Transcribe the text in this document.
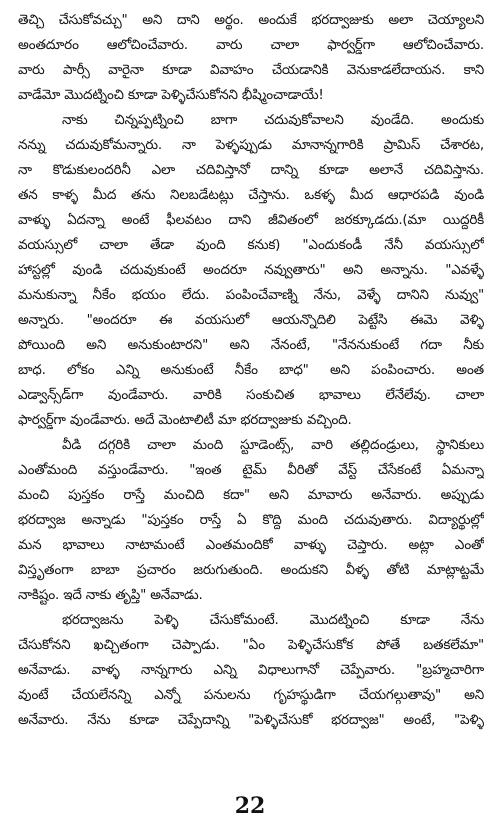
తెచ్చి చేసుకోవచ్చు" అని దాని అర్థం. అందుకే భరద్వాజుకు అలా చెయ్యాలని
అంతదూరం ఆలోచించేవారు. వారు చాలా ఫార్వర్డ్‌గా ఆలోచించేవారు.
వారు పార్సీ వారైనా కూడా వివాహం చేయడానికి వెనుకాడలేదాయన. కాని
వాడేమో మొదట్నించి కూడా పెళ్ళిచేసుకోనని భీష్మించాడాయే!
నాకు చిన్నప్పట్నించి బాగా చదువుకోవాలని వుండేది. అందుకు
నన్ను చదువుకోమన్నారు. నా పెళ్ళప్పుడు మానాన్నగారికి ప్రామిస్ చేశారట,
నా కొడుకులందరినీ ఎలా చదివిస్తానో దాన్ని కూడా అలానే చదివిస్తాను.
తన కాళ్ళ మీద తను నిలబడేటట్లు చేస్తాను. ఒకళ్ళ మీద ఆధారపడి వుండి
వాళ్ళు ఏదన్నా అంటే ఫీలవటం దాని జీవితంలో జరక్కూడదు.(మా యిద్దరికీ
వయస్సులో చాలా తేడా వుంది కనుక) "ఎందుకండీ నేనీ వయస్సులో
హాస్టల్లో వుండి చదువుకుంటే అందరూ నవ్వుతారు" అని అన్నాను. "ఎవళ్ళే
మనుకున్నా నీకేం భయం లేదు. పంపించేవాణ్ని నేను, వెళ్ళే దానిని నువ్వు"
అన్నారు. "అందరూ ఈ వయసులో ఆయన్నొదిలి పెట్టేసి ఈమె వెళ్ళి
పోయింది అని అనుకుంటారని" అని నేనంటే, "నేననుకుంటే గదా నీకు
బాధ. లోకం ఎన్ని అనుకుంటే నీకేం బాధ" అని పంపించారు. అంత
ఎడ్వాన్స్‌డ్‌గా వుండేవారు. వారికి సంకుచిత భావాలు లేనేలేవు. చాలా
ఫార్వర్డ్‌గా వుండేవారు. అదే మెంటాలిటీ మా భరద్వాజుకు వచ్చింది.
వీడి దగ్గరికి చాలా మంది స్టూడెంట్స్, వారి తల్లిదండ్రులు, స్థానికులు
ఎంతోమంది వస్తుండేవారు. "ఇంత టైమ్ వీరితో వేస్ట్ చేసేకంటే ఏమన్నా
మంచి పుస్తకం రాస్తే మంచిది కదా" అని మావారు అనేవారు. అప్పుడు
భరద్వాజ అన్నాడు "పుస్తకం రాస్తే ఏ కొద్ది మంది చదువుతారు. విద్యార్థుల్లో
మన భావాలు నాటామంటే ఎంతమందికో వాళ్ళు చెప్తారు. అట్లా ఎంతో
విస్తృతంగా బాబా ప్రచారం జరుగుతుంది. అందుకని వీళ్ళ తోటి మాట్లాట్టమే
నాకిష్టం. ఇదే నాకు తృప్తి" అనేవాడు.
భరద్వాజను పెళ్ళి చేసుకోమంటే. మొదట్నించి కూడా నేను
చేసుకోనని ఖచ్చితంగా చెప్పాడు. "ఏం పెళ్ళిచేసుకోక పోతే బతకలేమా"
అనేవాడు. వాళ్ళ నాన్నగారు ఎన్ని విధాలుగానో చెప్పేవారు. "బ్రహ్మచారిగా
వుంటే చేయలేనన్ని ఎన్నో పనులను గృహస్థుడిగా చేయగల్గుతావు" అని
అనేవారు. నేను కూడా చెప్పేదాన్ని "పెళ్ళిచేసుకో భరద్వాజ" అంటే, "పెళ్ళి
22
